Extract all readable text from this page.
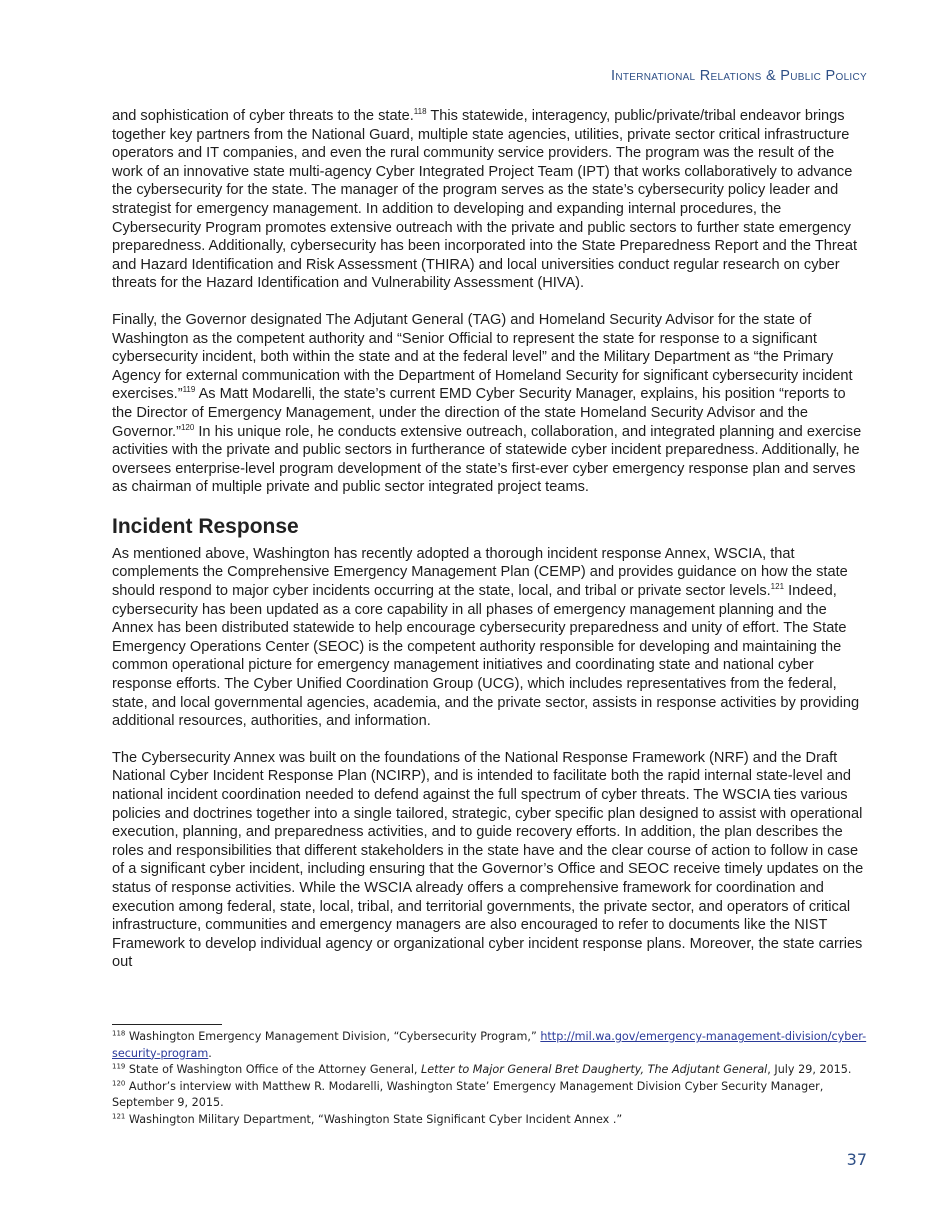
International Relations & Public Policy

and sophistication of cyber threats to the state.$^{118}$ This statewide, interagency, public/private/tribal endeavor brings together key partners from the National Guard, multiple state agencies, utilities, private sector critical infrastructure operators and IT companies, and even the rural community service providers. The program was the result of the work of an innovative state multi-agency Cyber Integrated Project Team (IPT) that works collaboratively to advance the cybersecurity for the state. The manager of the program serves as the state’s cybersecurity policy leader and strategist for emergency management. In addition to developing and expanding internal procedures, the Cybersecurity Program promotes extensive outreach with the private and public sectors to further state emergency preparedness. Additionally, cybersecurity has been incorporated into the State Preparedness Report and the Threat and Hazard Identification and Risk Assessment (THIRA) and local universities conduct regular research on cyber threats for the Hazard Identification and Vulnerability Assessment (HIVA).

Finally, the Governor designated The Adjutant General (TAG) and Homeland Security Advisor for the state of Washington as the competent authority and “Senior Official to represent the state for response to a significant cybersecurity incident, both within the state and at the federal level” and the Military Department as “the Primary Agency for external communication with the Department of Homeland Security for significant cybersecurity incident exercises.”$^{119}$ As Matt Modarelli, the state’s current EMD Cyber Security Manager, explains, his position “reports to the Director of Emergency Management, under the direction of the state Homeland Security Advisor and the Governor.”$^{120}$ In his unique role, he conducts extensive outreach, collaboration, and integrated planning and exercise activities with the private and public sectors in furtherance of statewide cyber incident preparedness. Additionally, he oversees enterprise-level program development of the state’s first-ever cyber emergency response plan and serves as chairman of multiple private and public sector integrated project teams.

Incident Response

As mentioned above, Washington has recently adopted a thorough incident response Annex, WSCIA, that complements the Comprehensive Emergency Management Plan (CEMP) and provides guidance on how the state should respond to major cyber incidents occurring at the state, local, and tribal or private sector levels.$^{121}$ Indeed, cybersecurity has been updated as a core capability in all phases of emergency management planning and the Annex has been distributed statewide to help encourage cybersecurity preparedness and unity of effort. The State Emergency Operations Center (SEOC) is the competent authority responsible for developing and maintaining the common operational picture for emergency management initiatives and coordinating state and national cyber response efforts. The Cyber Unified Coordination Group (UCG), which includes representatives from the federal, state, and local governmental agencies, academia, and the private sector, assists in response activities by providing additional resources, authorities, and information.

The Cybersecurity Annex was built on the foundations of the National Response Framework (NRF) and the Draft National Cyber Incident Response Plan (NCIRP), and is intended to facilitate both the rapid internal state-level and national incident coordination needed to defend against the full spectrum of cyber threats. The WSCIA ties various policies and doctrines together into a single tailored, strategic, cyber specific plan designed to assist with operational execution, planning, and preparedness activities, and to guide recovery efforts. In addition, the plan describes the roles and responsibilities that different stakeholders in the state have and the clear course of action to follow in case of a significant cyber incident, including ensuring that the Governor’s Office and SEOC receive timely updates on the status of response activities. While the WSCIA already offers a comprehensive framework for coordination and execution among federal, state, local, tribal, and territorial governments, the private sector, and operators of critical infrastructure, communities and emergency managers are also encouraged to refer to documents like the NIST Framework to develop individual agency or organizational cyber incident response plans. Moreover, the state carries out

$^{118}$ Washington Emergency Management Division, “Cybersecurity Program,” http://mil.wa.gov/emergency-management-division/cyber-security-program.
$^{119}$ State of Washington Office of the Attorney General, Letter to Major General Bret Daugherty, The Adjutant General, July 29, 2015.
$^{120}$ Author’s interview with Matthew R. Modarelli, Washington State’ Emergency Management Division Cyber Security Manager, September 9, 2015.
$^{121}$ Washington Military Department, “Washington State Significant Cyber Incident Annex .”
37
